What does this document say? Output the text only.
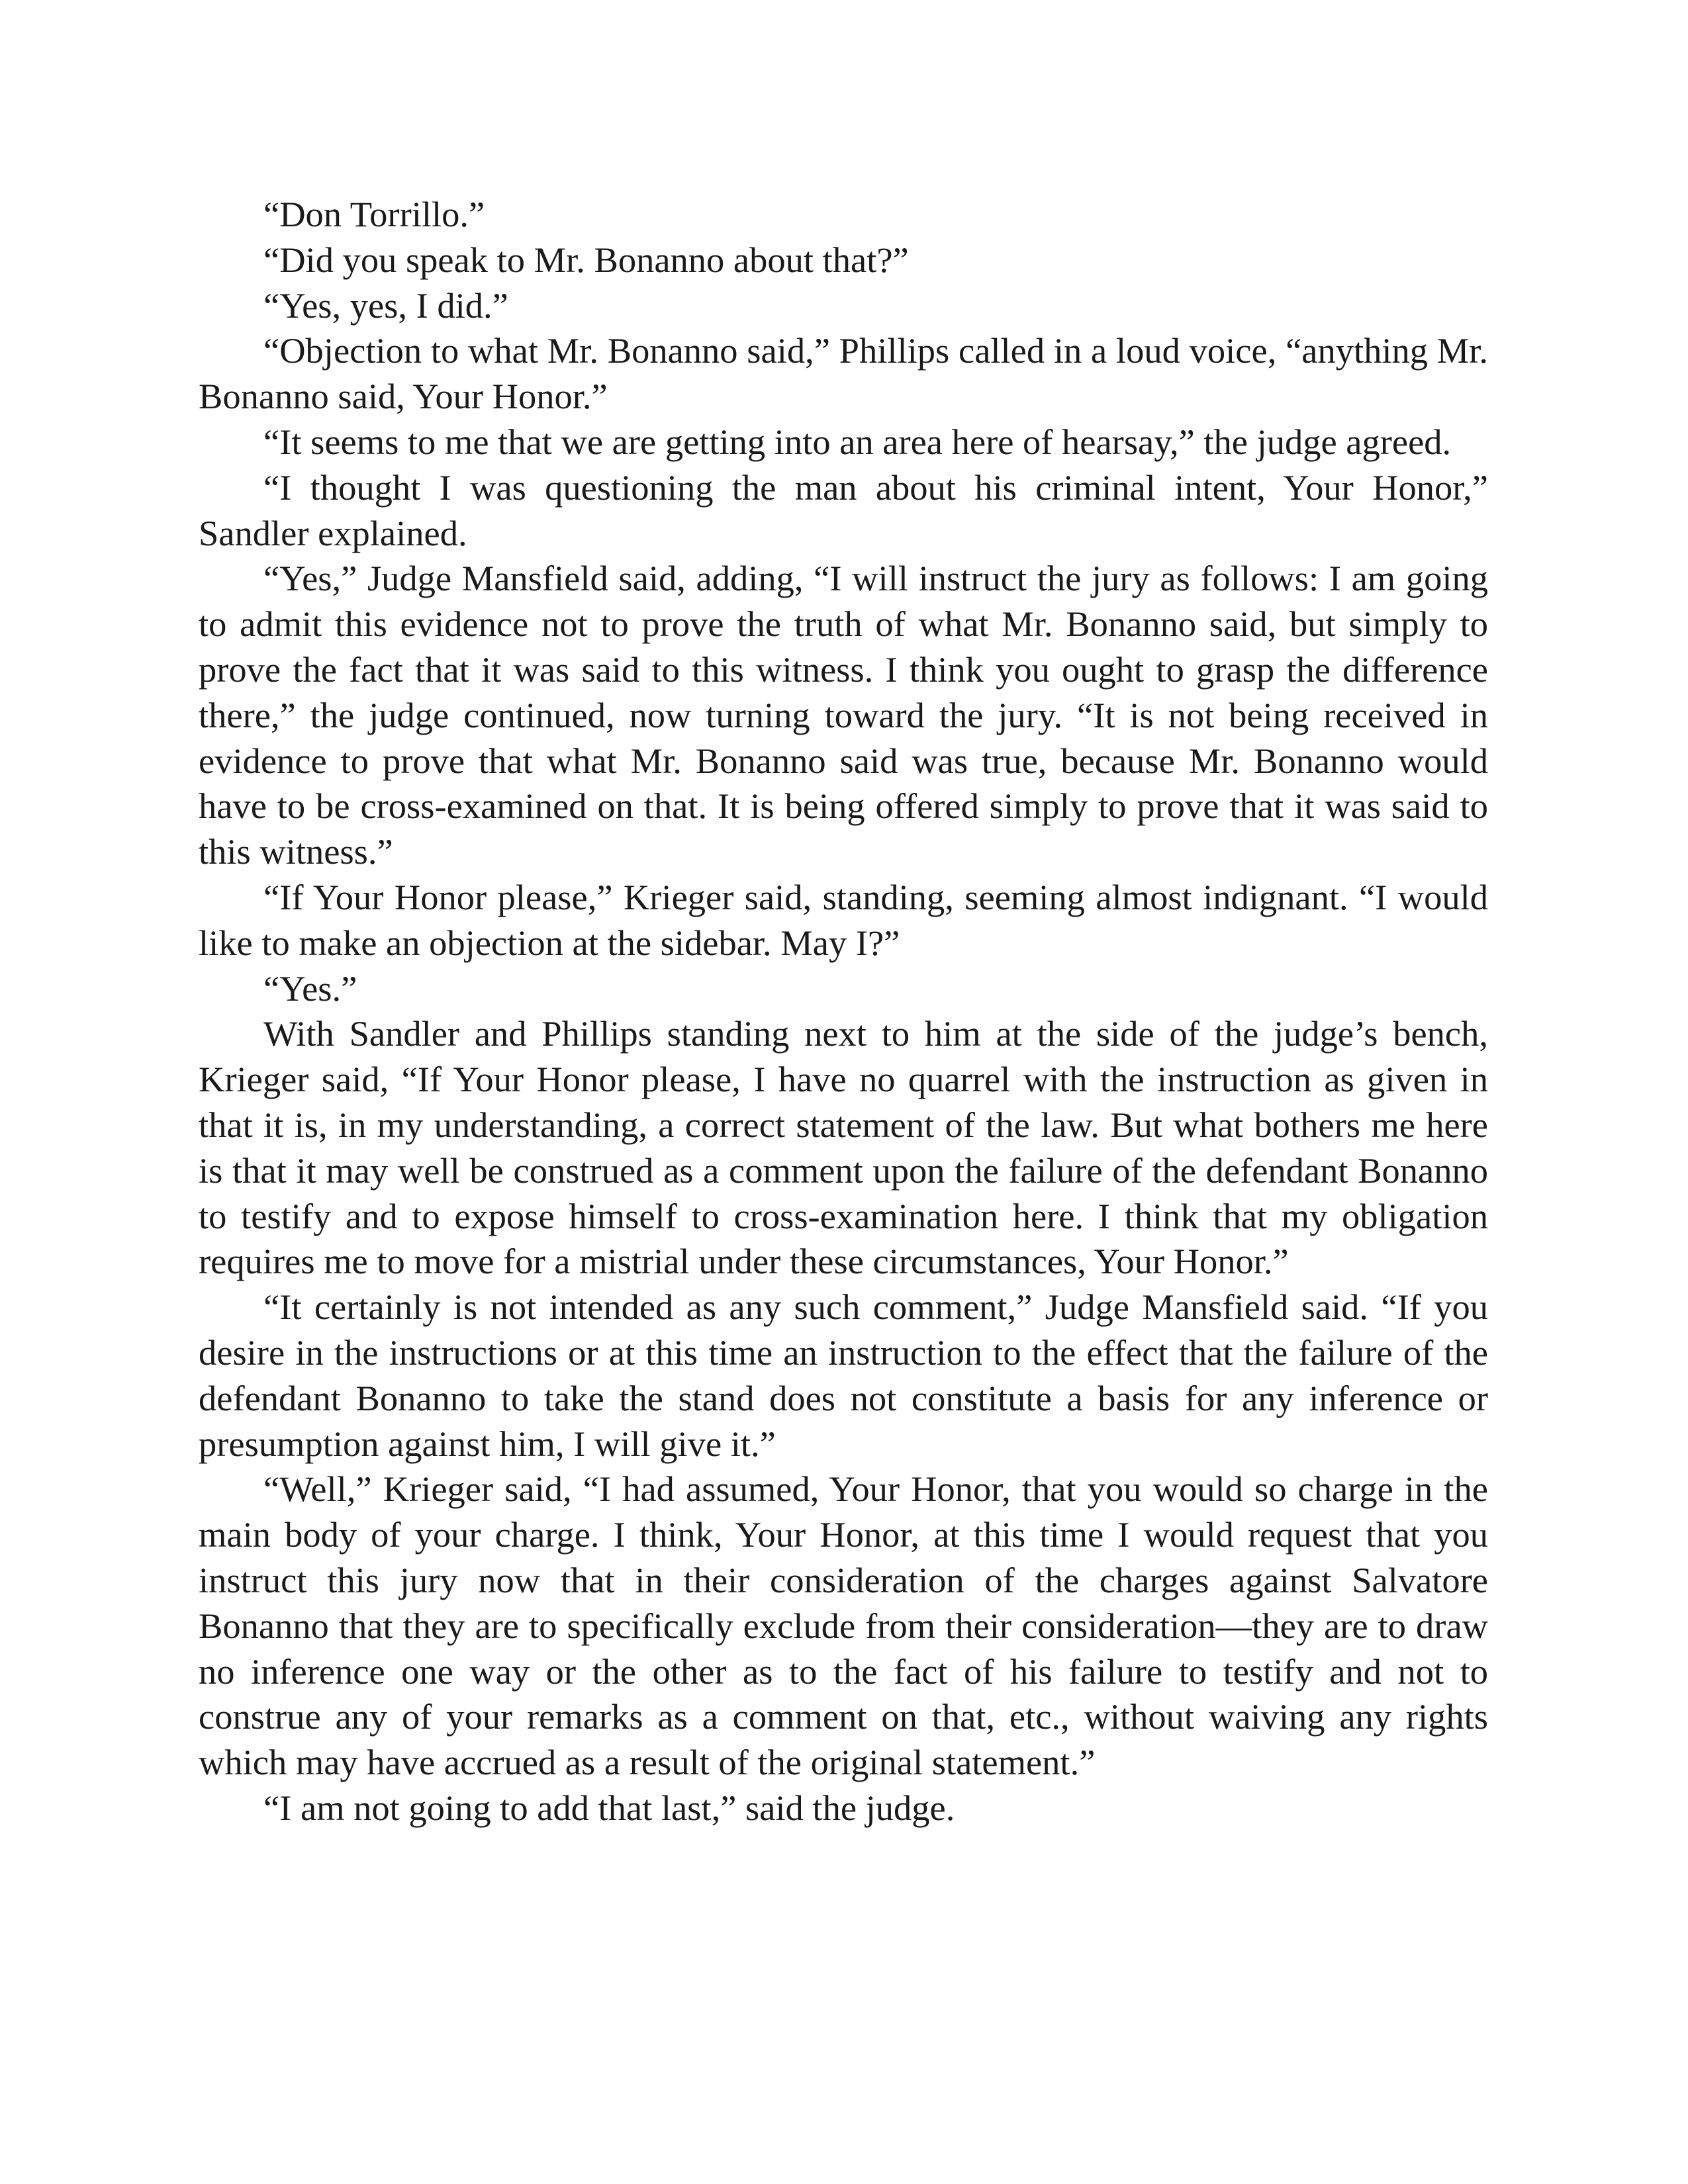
“Don Torrillo.”

“Did you speak to Mr. Bonanno about that?”

“Yes, yes, I did.”

“Objection to what Mr. Bonanno said,” Phillips called in a loud voice, “anything Mr. Bonanno said, Your Honor.”

“It seems to me that we are getting into an area here of hearsay,” the judge agreed.

“I thought I was questioning the man about his criminal intent, Your Honor,” Sandler explained.

“Yes,” Judge Mansfield said, adding, “I will instruct the jury as follows: I am going to admit this evidence not to prove the truth of what Mr. Bonanno said, but simply to prove the fact that it was said to this witness. I think you ought to grasp the difference there,” the judge continued, now turning toward the jury. “It is not being received in evidence to prove that what Mr. Bonanno said was true, because Mr. Bonanno would have to be cross-examined on that. It is being offered simply to prove that it was said to this witness.”

“If Your Honor please,” Krieger said, standing, seeming almost indignant. “I would like to make an objection at the sidebar. May I?”

“Yes.”

With Sandler and Phillips standing next to him at the side of the judge’s bench, Krieger said, “If Your Honor please, I have no quarrel with the instruction as given in that it is, in my understanding, a correct statement of the law. But what bothers me here is that it may well be construed as a comment upon the failure of the defendant Bonanno to testify and to expose himself to cross-examination here. I think that my obligation requires me to move for a mistrial under these circumstances, Your Honor.”

“It certainly is not intended as any such comment,” Judge Mansfield said. “If you desire in the instructions or at this time an instruction to the effect that the failure of the defendant Bonanno to take the stand does not constitute a basis for any inference or presumption against him, I will give it.”

“Well,” Krieger said, “I had assumed, Your Honor, that you would so charge in the main body of your charge. I think, Your Honor, at this time I would request that you instruct this jury now that in their consideration of the charges against Salvatore Bonanno that they are to specifically exclude from their consideration—they are to draw no inference one way or the other as to the fact of his failure to testify and not to construe any of your remarks as a comment on that, etc., without waiving any rights which may have accrued as a result of the original statement.”

“I am not going to add that last,” said the judge.
